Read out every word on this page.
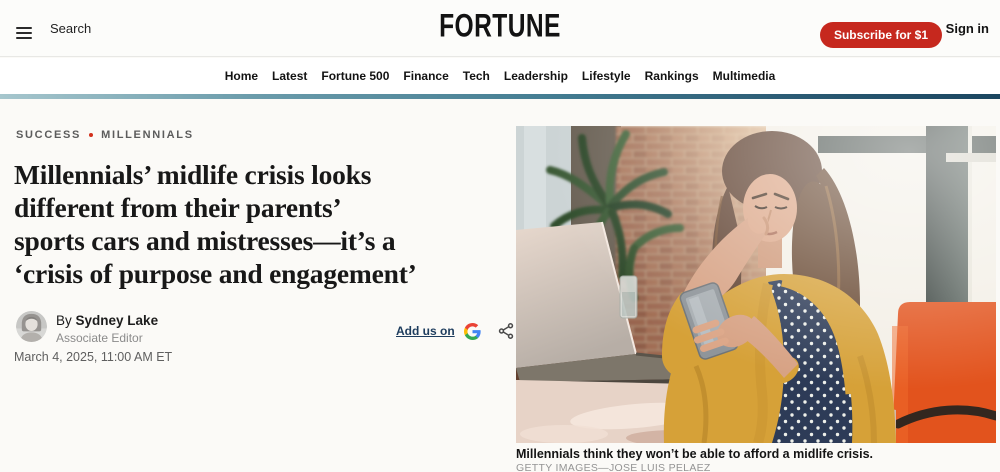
Search	FORTUNE	Subscribe for $1	Sign in
Home Latest Fortune 500 Finance Tech Leadership Lifestyle Rankings Multimedia
SUCCESS MILLENNIALS
Millennials’ midlife crisis looks
different from their parents’
sports cars and mistresses—it’s a
‘crisis of purpose and engagement’
By Sydney Lake
Associate Editor
March 4, 2025, 11:00 AM ET
Add us on
Millennials think they won’t be able to afford a midlife crisis.
GETTY IMAGES—JOSE LUIS PELAEZ
